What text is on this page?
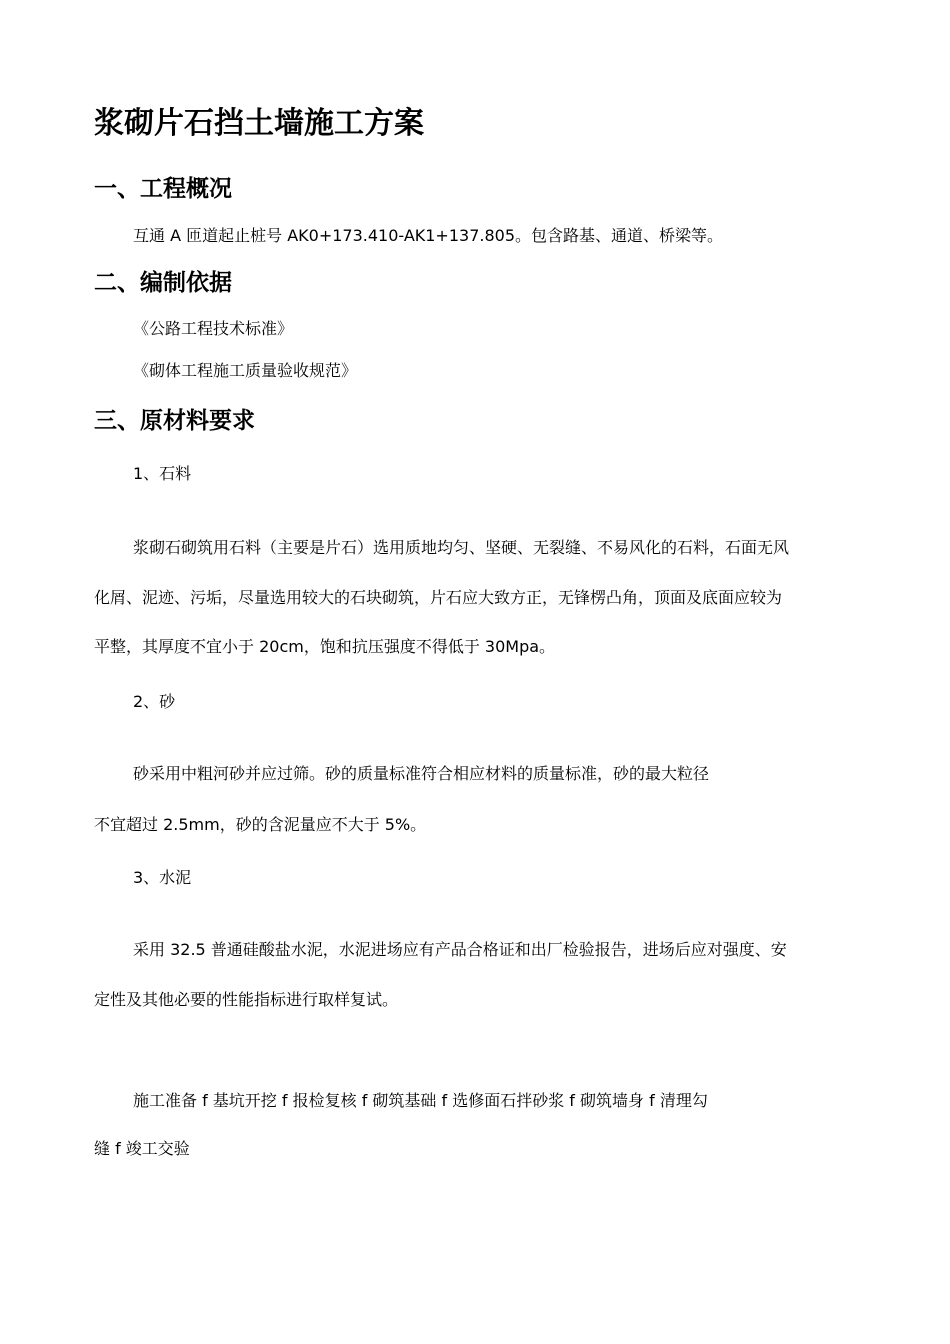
浆砌片石挡土墙施工方案
一、工程概况
互通 A 匝道起止桩号 AK0+173.410-AK1+137.805。包含路基、通道、桥梁等。
二、编制依据
《公路工程技术标准》
《砌体工程施工质量验收规范》
三、原材料要求
1、石料
浆砌石砌筑用石料（主要是片石）选用质地均匀、坚硬、无裂缝、不易风化的石料，石面无风
化屑、泥迹、污垢，尽量选用较大的石块砌筑，片石应大致方正，无锋楞凸角，顶面及底面应较为
平整，其厚度不宜小于 20cm，饱和抗压强度不得低于 30Mpa。
2、砂
砂采用中粗河砂并应过筛。砂的质量标准符合相应材料的质量标准，砂的最大粒径
不宜超过 2.5mm，砂的含泥量应不大于 5%。
3、水泥
采用 32.5 普通硅酸盐水泥，水泥进场应有产品合格证和出厂检验报告，进场后应对强度、安
定性及其他必要的性能指标进行取样复试。
施工准备 f 基坑开挖 f 报检复核 f 砌筑基础 f 选修面石拌砂浆 f 砌筑墙身 f 清理勾
缝 f 竣工交验
